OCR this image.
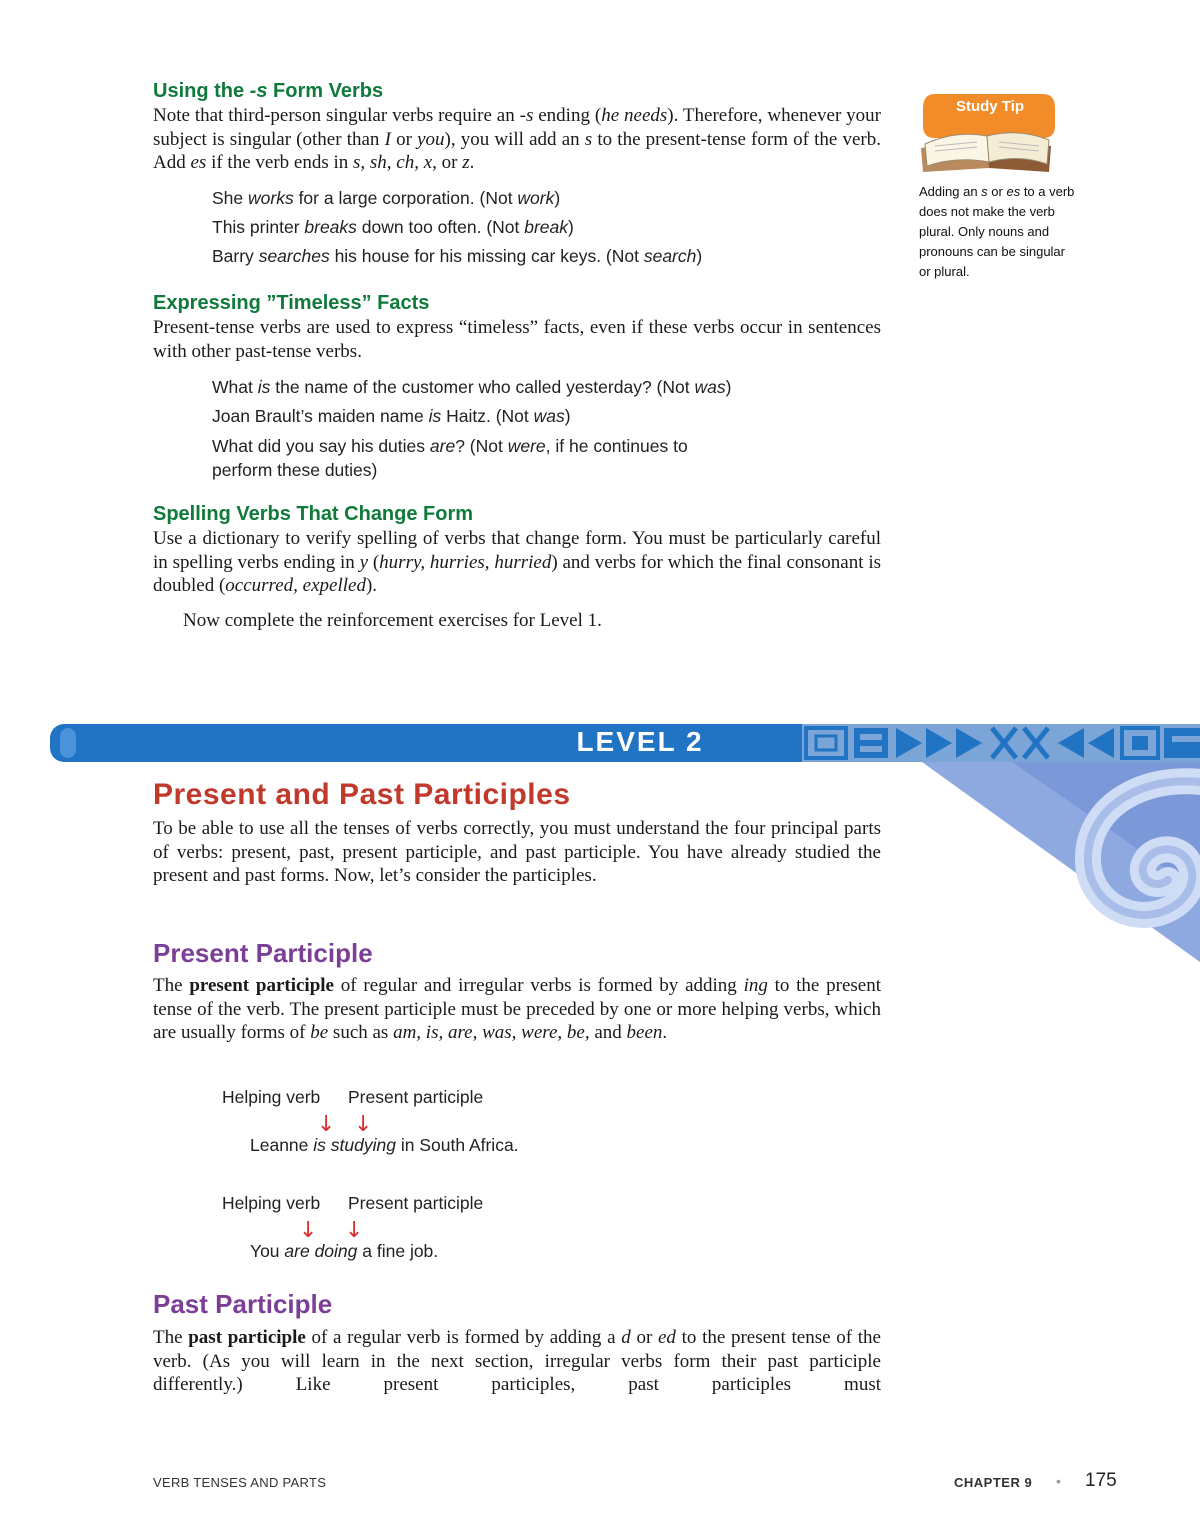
Using the -s Form Verbs
Note that third-person singular verbs require an -s ending (he needs). Therefore, whenever your subject is singular (other than I or you), you will add an s to the present-tense form of the verb. Add es if the verb ends in s, sh, ch, x, or z.
She works for a large corporation. (Not work)
This printer breaks down too often. (Not break)
Barry searches his house for his missing car keys. (Not search)
Study Tip
Adding an s or es to a verb does not make the verb plural. Only nouns and pronouns can be singular or plural.
Expressing ”Timeless” Facts
Present-tense verbs are used to express “timeless” facts, even if these verbs occur in sentences with other past-tense verbs.
What is the name of the customer who called yesterday? (Not was)
Joan Brault’s maiden name is Haitz. (Not was)
What did you say his duties are? (Not were, if he continues to
perform these duties)
Spelling Verbs That Change Form
Use a dictionary to verify spelling of verbs that change form. You must be particularly careful in spelling verbs ending in y (hurry, hurries, hurried) and verbs for which the final consonant is doubled (occurred, expelled).
Now complete the reinforcement exercises for Level 1.
LEVEL 2
Present and Past Participles
To be able to use all the tenses of verbs correctly, you must understand the four principal parts of verbs: present, past, present participle, and past participle. You have already studied the present and past forms. Now, let’s consider the participles.
Present Participle
The present participle of regular and irregular verbs is formed by adding ing to the present tense of the verb. The present participle must be preceded by one or more helping verbs, which are usually forms of be such as am, is, are, was, were, be, and been.
Helping verb Present participle
↓ ↓
Leanne is studying in South Africa.
Helping verb Present participle
↓ ↓
You are doing a fine job.
Past Participle
The past participle of a regular verb is formed by adding a d or ed to the present tense of the verb. (As you will learn in the next section, irregular verbs form their past participle differently.) Like present participles, past participles must
VERB TENSES AND PARTS	CHAPTER 9 • 175
